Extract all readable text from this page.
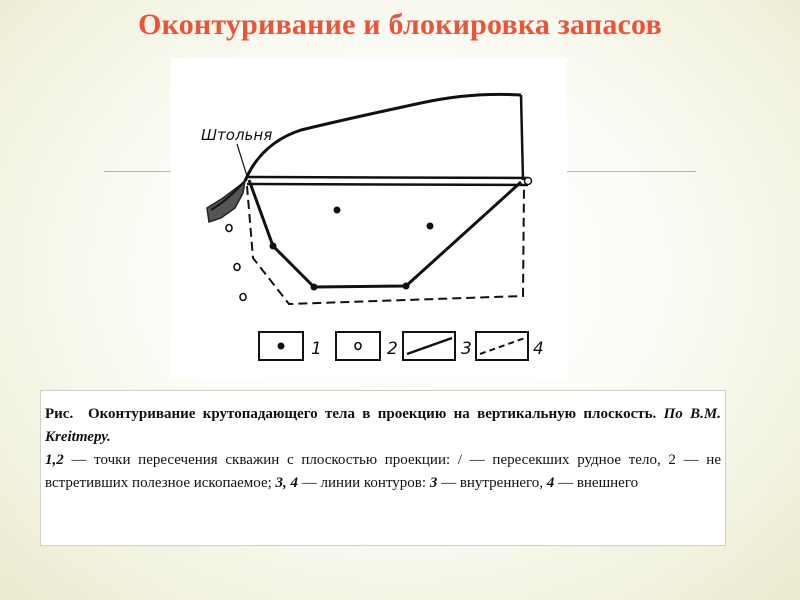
Оконтуривание и блокировка запасов
Штольня
1	2	3	4

Рис. Оконтуривание крутопадающего тела в проекцию на вертикальную плоскость. По В.М. Kreitтеру.

1,2 — точки пересечения скважин с плоскостью проекции: / — пересекших рудное тело, 2 — не встретивших полезное ископаемое; 3, 4 — линии контуров: 3 — внутреннего, 4 — внешнего
